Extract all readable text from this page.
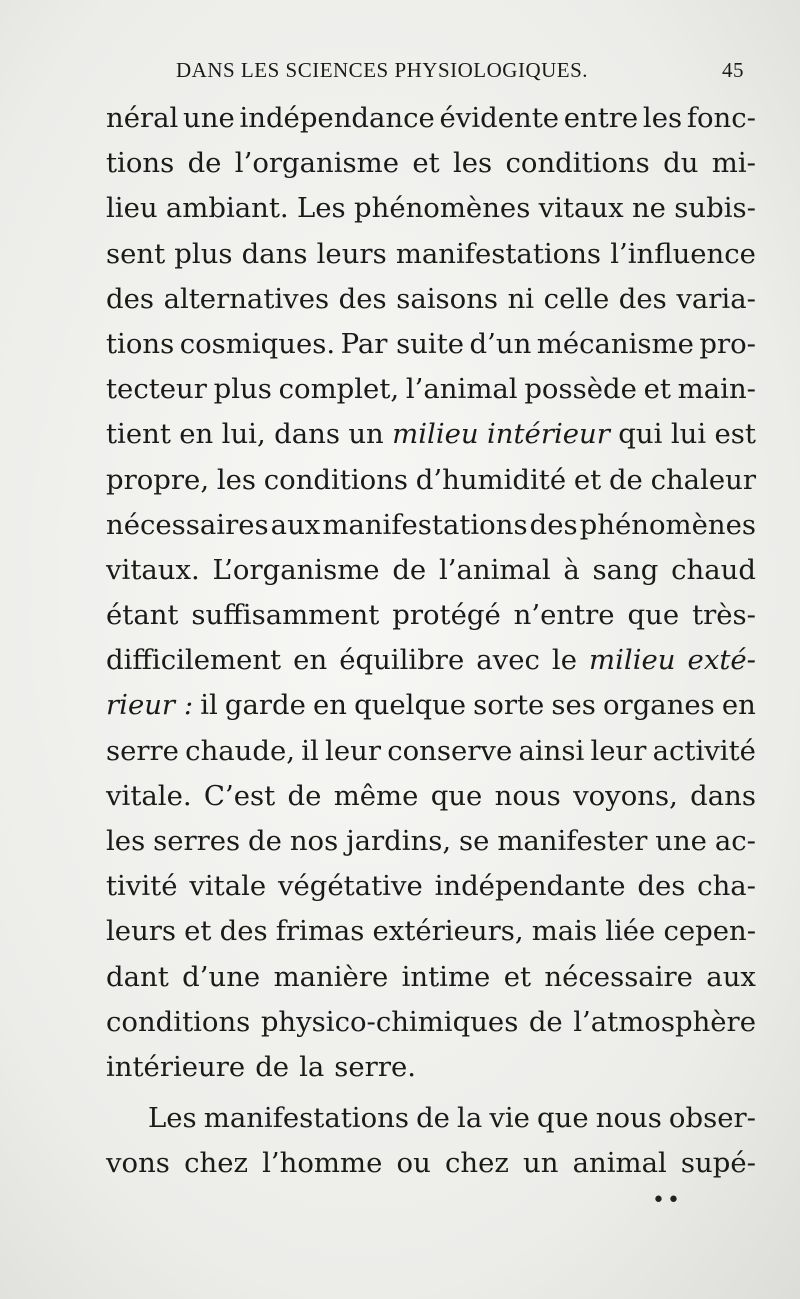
DANS LES SCIENCES PHYSIOLOGIQUES.	45
néral une indépendance évidente entre les fonc-
tions de l’organisme et les conditions du mi-
lieu ambiant. Les phénomènes vitaux ne subis-
sent plus dans leurs manifestations l’influence
des alternatives des saisons ni celle des varia-
tions cosmiques. Par suite d’un mécanisme pro-
tecteur plus complet, l’animal possède et main-
tient en lui, dans un milieu intérieur qui lui est
propre, les conditions d’humidité et de chaleur
nécessaires aux manifestations des phénomènes
vitaux. L’organisme de l’animal à sang chaud
étant suffisamment protégé n’entre que très-
difficilement en équilibre avec le milieu exté-
rieur : il garde en quelque sorte ses organes en
serre chaude, il leur conserve ainsi leur activité
vitale. C’est de même que nous voyons, dans
les serres de nos jardins, se manifester une ac-
tivité vitale végétative indépendante des cha-
leurs et des frimas extérieurs, mais liée cepen-
dant d’une manière intime et nécessaire aux
conditions physico-chimiques de l’atmosphère
intérieure de la serre.
Les manifestations de la vie que nous obser-
vons chez l’homme ou chez un animal supé-
••
